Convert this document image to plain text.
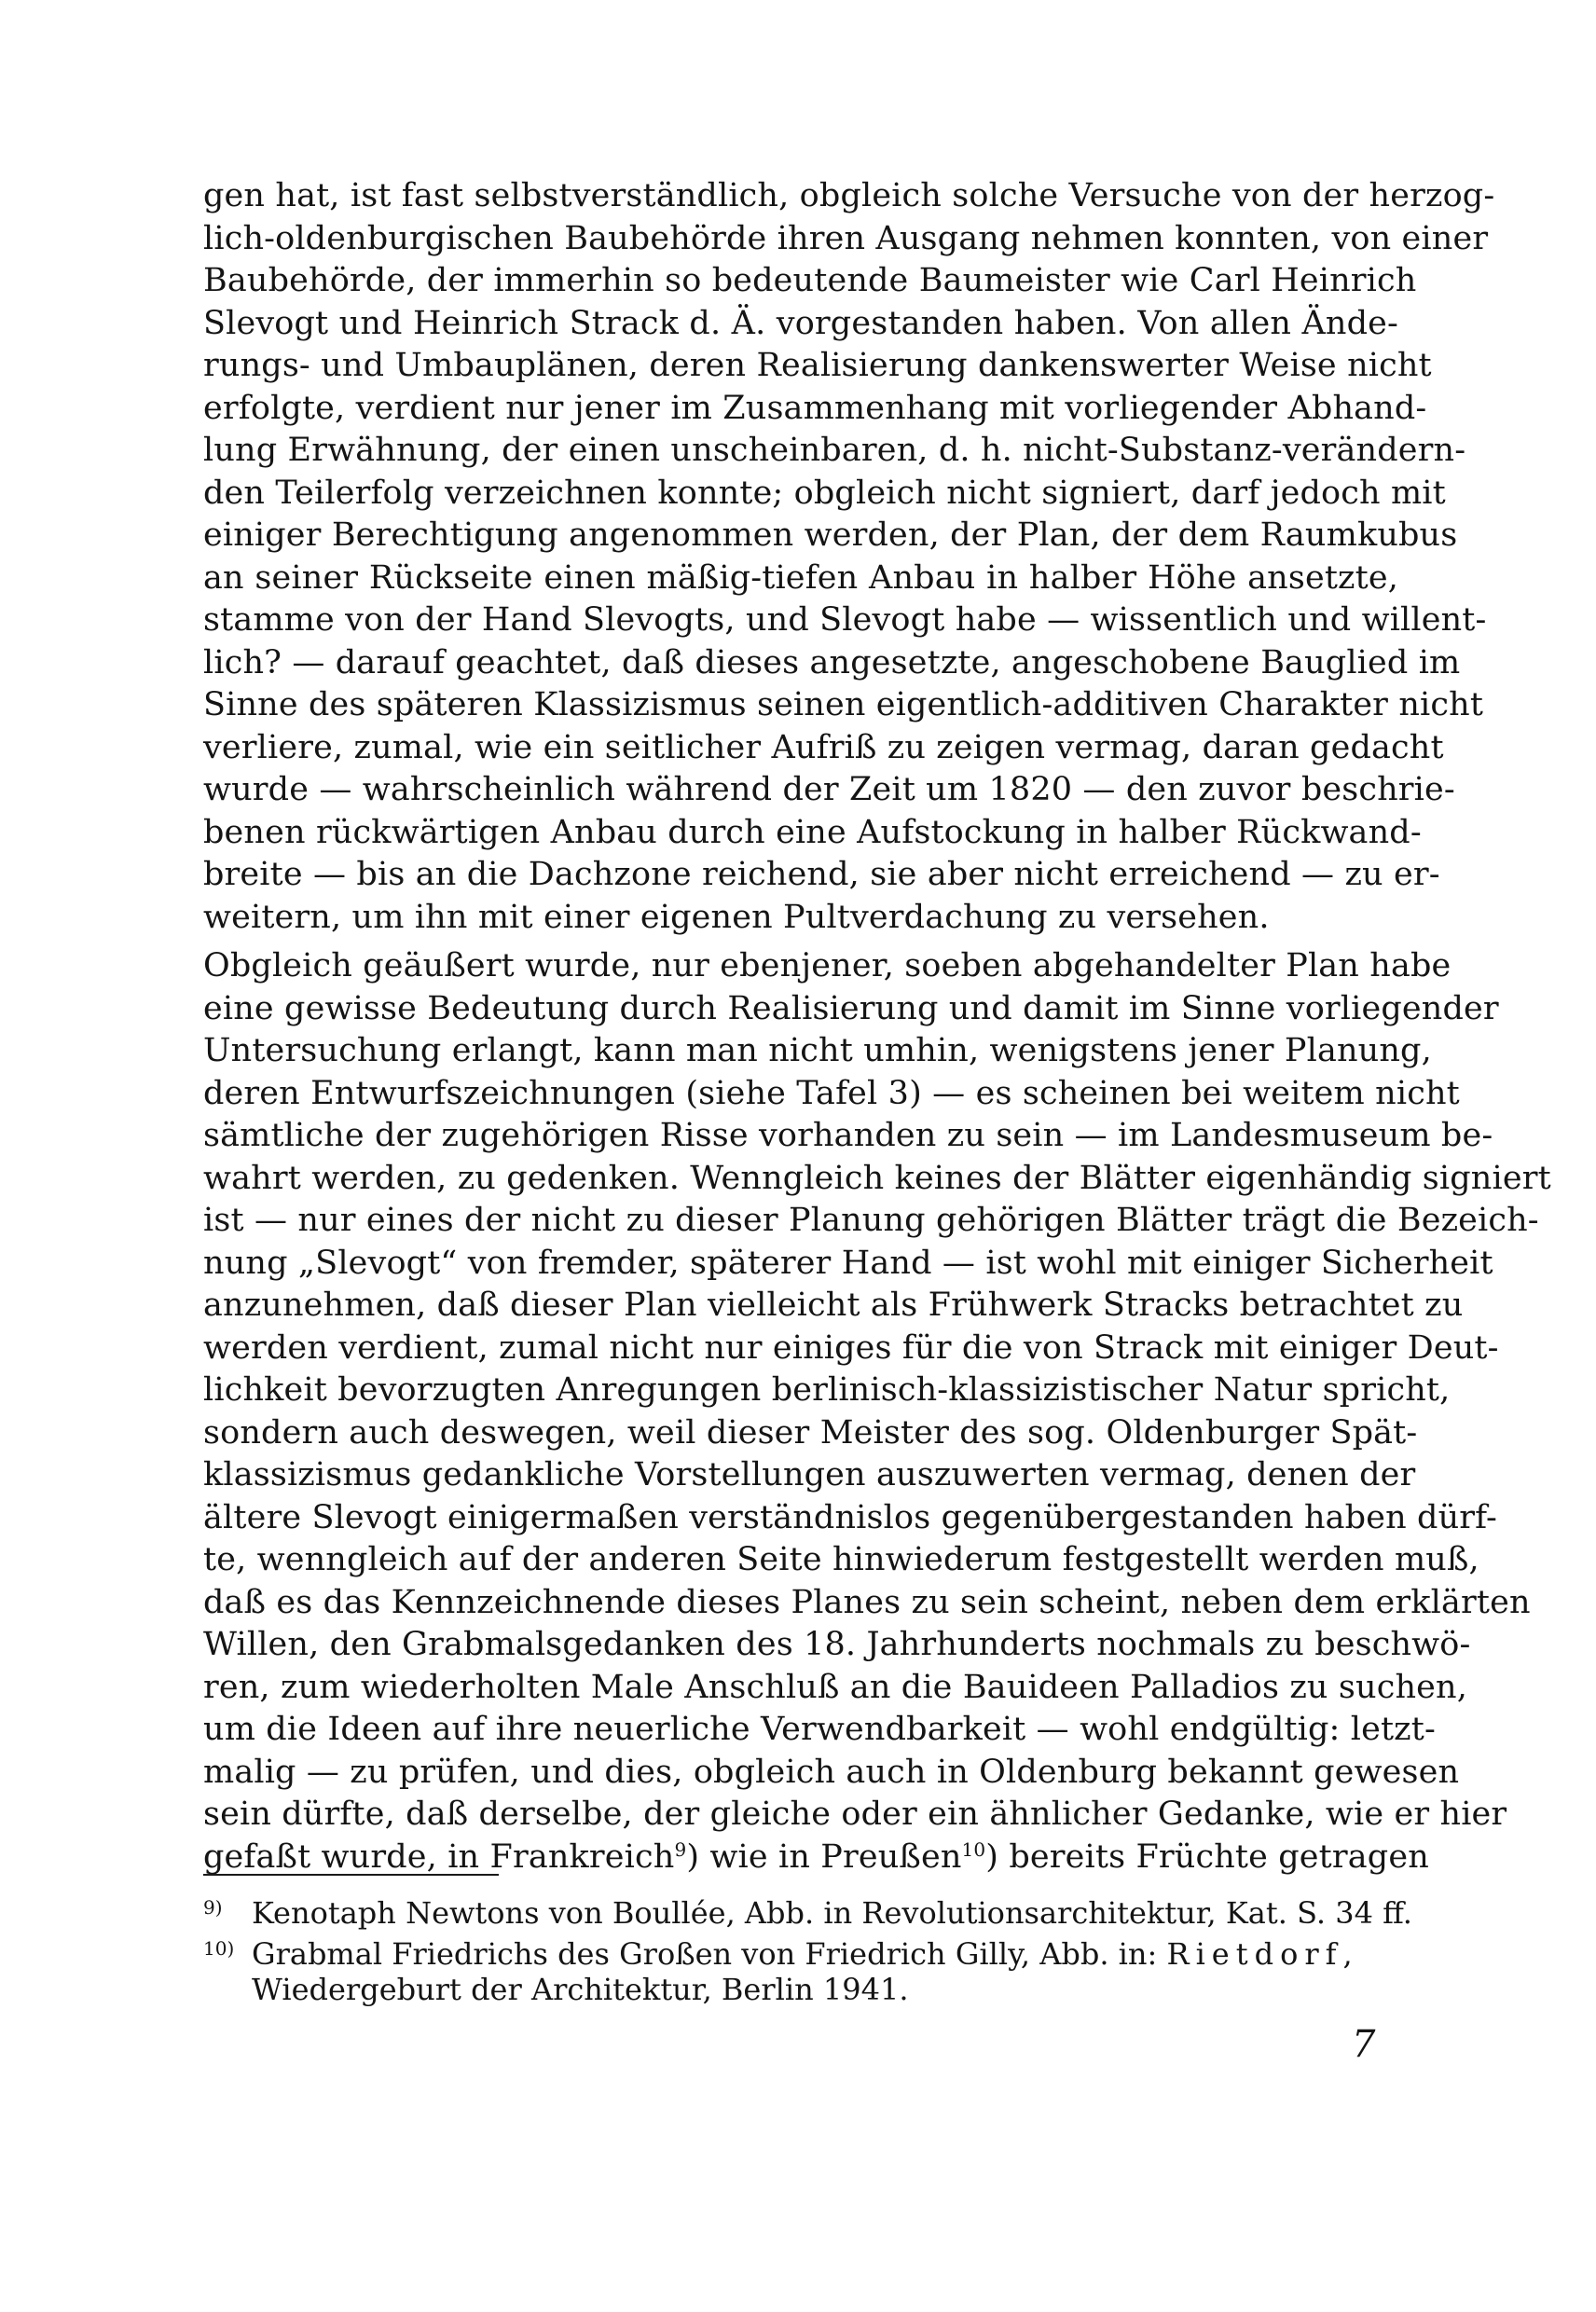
gen hat, ist fast selbstverständlich, obgleich solche Versuche von der herzog-
lich-oldenburgischen Baubehörde ihren Ausgang nehmen konnten, von einer
Baubehörde, der immerhin so bedeutende Baumeister wie Carl Heinrich
Slevogt und Heinrich Strack d. Ä. vorgestanden haben. Von allen Ände-
rungs- und Umbauplänen, deren Realisierung dankenswerter Weise nicht
erfolgte, verdient nur jener im Zusammenhang mit vorliegender Abhand-
lung Erwähnung, der einen unscheinbaren, d. h. nicht-Substanz-verändern-
den Teilerfolg verzeichnen konnte; obgleich nicht signiert, darf jedoch mit
einiger Berechtigung angenommen werden, der Plan, der dem Raumkubus
an seiner Rückseite einen mäßig-tiefen Anbau in halber Höhe ansetzte,
stamme von der Hand Slevogts, und Slevogt habe — wissentlich und willent-
lich? — darauf geachtet, daß dieses angesetzte, angeschobene Bauglied im
Sinne des späteren Klassizismus seinen eigentlich-additiven Charakter nicht
verliere, zumal, wie ein seitlicher Aufriß zu zeigen vermag, daran gedacht
wurde — wahrscheinlich während der Zeit um 1820 — den zuvor beschrie-
benen rückwärtigen Anbau durch eine Aufstockung in halber Rückwand-
breite — bis an die Dachzone reichend, sie aber nicht erreichend — zu er-
weitern, um ihn mit einer eigenen Pultverdachung zu versehen.
Obgleich geäußert wurde, nur ebenjener, soeben abgehandelter Plan habe
eine gewisse Bedeutung durch Realisierung und damit im Sinne vorliegender
Untersuchung erlangt, kann man nicht umhin, wenigstens jener Planung,
deren Entwurfszeichnungen (siehe Tafel 3) — es scheinen bei weitem nicht
sämtliche der zugehörigen Risse vorhanden zu sein — im Landesmuseum be-
wahrt werden, zu gedenken. Wenngleich keines der Blätter eigenhändig signiert
ist — nur eines der nicht zu dieser Planung gehörigen Blätter trägt die Bezeich-
nung „Slevogt“ von fremder, späterer Hand — ist wohl mit einiger Sicherheit
anzunehmen, daß dieser Plan vielleicht als Frühwerk Stracks betrachtet zu
werden verdient, zumal nicht nur einiges für die von Strack mit einiger Deut-
lichkeit bevorzugten Anregungen berlinisch-klassizistischer Natur spricht,
sondern auch deswegen, weil dieser Meister des sog. Oldenburger Spät-
klassizismus gedankliche Vorstellungen auszuwerten vermag, denen der
ältere Slevogt einigermaßen verständnislos gegenübergestanden haben dürf-
te, wenngleich auf der anderen Seite hinwiederum festgestellt werden muß,
daß es das Kennzeichnende dieses Planes zu sein scheint, neben dem erklärten
Willen, den Grabmalsgedanken des 18. Jahrhunderts nochmals zu beschwö-
ren, zum wiederholten Male Anschluß an die Bauideen Palladios zu suchen,
um die Ideen auf ihre neuerliche Verwendbarkeit — wohl endgültig: letzt-
malig — zu prüfen, und dies, obgleich auch in Oldenburg bekannt gewesen
sein dürfte, daß derselbe, der gleiche oder ein ähnlicher Gedanke, wie er hier
gefaßt wurde, in Frankreich$^9$) wie in Preußen$^{10}$) bereits Früchte getragen
9) Kenotaph Newtons von Boullée, Abb. in Revolutionsarchitektur, Kat. S. 34 ff.
10) Grabmal Friedrichs des Großen von Friedrich Gilly, Abb. in: Rietdorf,
Wiedergeburt der Architektur, Berlin 1941.
7
